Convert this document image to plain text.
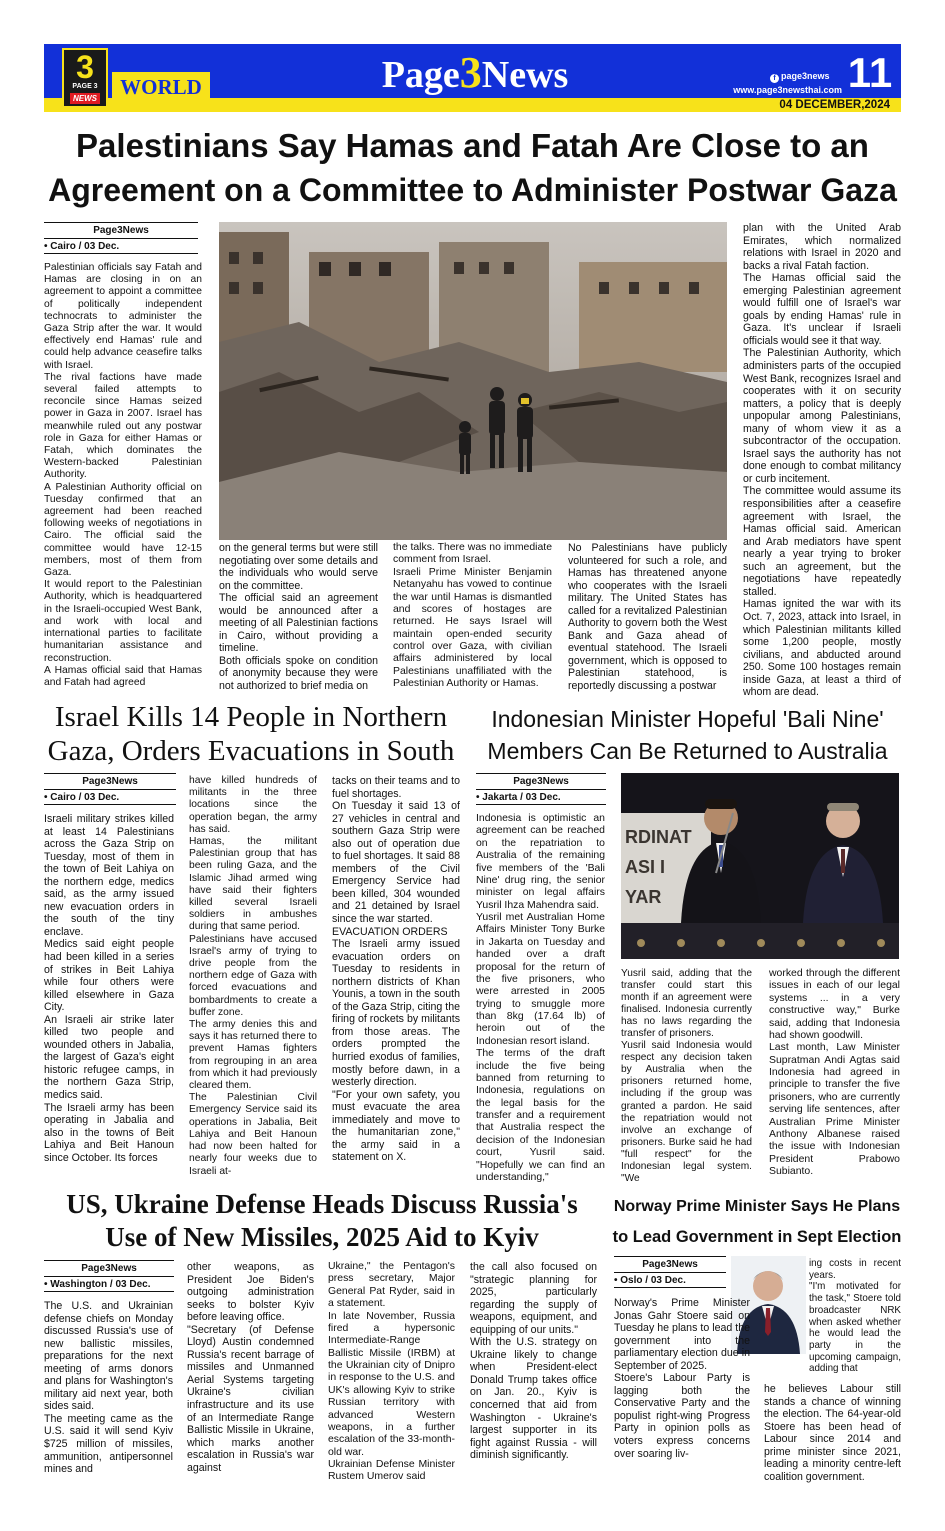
3
PAGE 3
NEWS WORLD	Page3News	f page3news
www.page3newsthai.com 11
04 DECEMBER,2024
Palestinians Say Hamas and Fatah Are Close to an
Agreement on a Committee to Administer Postwar Gaza
Page3News
• Cairo / 03 Dec.

Palestinian officials say Fatah and Hamas are closing in on an agreement to appoint a committee of politically independent technocrats to administer the Gaza Strip after the war. It would effectively end Hamas' rule and could help advance ceasefire talks with Israel.
The rival factions have made several failed attempts to reconcile since Hamas seized power in Gaza in 2007. Israel has meanwhile ruled out any postwar role in Gaza for either Hamas or Fatah, which dominates the Western-backed Palestinian Authority.
A Palestinian Authority official on Tuesday confirmed that an agreement had been reached following weeks of negotiations in Cairo. The official said the committee would have 12-15 members, most of them from Gaza.
It would report to the Palestinian Authority, which is headquartered in the Israeli-occupied West Bank, and work with local and international parties to facilitate humanitarian assistance and reconstruction.
A Hamas official said that Hamas and Fatah had agreed

on the general terms but were still negotiating over some details and the individuals who would serve on the committee.
The official said an agreement would be announced after a meeting of all Palestinian factions in Cairo, without providing a timeline.
Both officials spoke on condition of anonymity because they were not authorized to brief media on

the talks. There was no immediate comment from Israel.
Israeli Prime Minister Benjamin Netanyahu has vowed to continue the war until Hamas is dismantled and scores of hostages are returned. He says Israel will maintain open-ended security control over Gaza, with civilian affairs administered by local Palestinians unaffiliated with the Palestinian Authority or Hamas.

No Palestinians have publicly volunteered for such a role, and Hamas has threatened anyone who cooperates with the Israeli military. The United States has called for a revitalized Palestinian Authority to govern both the West Bank and Gaza ahead of eventual statehood. The Israeli government, which is opposed to Palestinian statehood, is reportedly discussing a postwar

plan with the United Arab Emirates, which normalized relations with Israel in 2020 and backs a rival Fatah faction.
The Hamas official said the emerging Palestinian agreement would fulfill one of Israel's war goals by ending Hamas' rule in Gaza. It's unclear if Israeli officials would see it that way.
The Palestinian Authority, which administers parts of the occupied West Bank, recognizes Israel and cooperates with it on security matters, a policy that is deeply unpopular among Palestinians, many of whom view it as a subcontractor of the occupation. Israel says the authority has not done enough to combat militancy or curb incitement.
The committee would assume its responsibilities after a ceasefire agreement with Israel, the Hamas official said. American and Arab mediators have spent nearly a year trying to broker such an agreement, but the negotiations have repeatedly stalled.
Hamas ignited the war with its Oct. 7, 2023, attack into Israel, in which Palestinian militants killed some 1,200 people, mostly civilians, and abducted around 250. Some 100 hostages remain inside Gaza, at least a third of whom are dead.

Israel Kills 14 People in Northern
Gaza, Orders Evacuations in South
Page3News
• Cairo / 03 Dec.

Israeli military strikes killed at least 14 Palestinians across the Gaza Strip on Tuesday, most of them in the town of Beit Lahiya on the northern edge, medics said, as the army issued new evacuation orders in the south of the tiny enclave.
Medics said eight people had been killed in a series of strikes in Beit Lahiya while four others were killed elsewhere in Gaza City.
An Israeli air strike later killed two people and wounded others in Jabalia, the largest of Gaza's eight historic refugee camps, in the northern Gaza Strip, medics said.
The Israeli army has been operating in Jabalia and also in the towns of Beit Lahiya and Beit Hanoun since October. Its forces

have killed hundreds of militants in the three locations since the operation began, the army has said.
Hamas, the militant Palestinian group that has been ruling Gaza, and the Islamic Jihad armed wing have said their fighters killed several Israeli soldiers in ambushes during that same period.
Palestinians have accused Israel's army of trying to drive people from the northern edge of Gaza with forced evacuations and bombardments to create a buffer zone.
The army denies this and says it has returned there to prevent Hamas fighters from regrouping in an area from which it had previously cleared them.
The Palestinian Civil Emergency Service said its operations in Jabalia, Beit Lahiya and Beit Hanoun had now been halted for nearly four weeks due to Israeli at-

tacks on their teams and to fuel shortages.
On Tuesday it said 13 of 27 vehicles in central and southern Gaza Strip were also out of operation due to fuel shortages. It said 88 members of the Civil Emergency Service had been killed, 304 wounded and 21 detained by Israel since the war started.
EVACUATION ORDERS
The Israeli army issued evacuation orders on Tuesday to residents in northern districts of Khan Younis, a town in the south of the Gaza Strip, citing the firing of rockets by militants from those areas. The orders prompted the hurried exodus of families, mostly before dawn, in a westerly direction.
"For your own safety, you must evacuate the area immediately and move to the humanitarian zone," the army said in a statement on X.

Indonesian Minister Hopeful 'Bali Nine'
Members Can Be Returned to Australia
Page3News
• Jakarta / 03 Dec.

Indonesia is optimistic an agreement can be reached on the repatriation to Australia of the remaining five members of the 'Bali Nine' drug ring, the senior minister on legal affairs Yusril Ihza Mahendra said.
Yusril met Australian Home Affairs Minister Tony Burke in Jakarta on Tuesday and handed over a draft proposal for the return of the five prisoners, who were arrested in 2005 trying to smuggle more than 8kg (17.64 lb) of heroin out of the Indonesian resort island.
The terms of the draft include the five being banned from returning to Indonesia, regulations on the legal basis for the transfer and a requirement that Australia respect the decision of the Indonesian court, Yusril said. "Hopefully we can find an understanding,"

RDINAT
ASI I
YAR

Yusril said, adding that the transfer could start this month if an agreement were finalised. Indonesia currently has no laws regarding the transfer of prisoners.
Yusril said Indonesia would respect any decision taken by Australia when the prisoners returned home, including if the group was granted a pardon. He said the repatriation would not involve an exchange of prisoners. Burke said he had "full respect" for the Indonesian legal system. "We

worked through the different issues in each of our legal systems ... in a very constructive way," Burke said, adding that Indonesia had shown goodwill.
Last month, Law Minister Supratman Andi Agtas said Indonesia had agreed in principle to transfer the five prisoners, who are currently serving life sentences, after Australian Prime Minister Anthony Albanese raised the issue with Indonesian President Prabowo Subianto.

US, Ukraine Defense Heads Discuss Russia's
Use of New Missiles, 2025 Aid to Kyiv
Page3News
• Washington / 03 Dec.

The U.S. and Ukrainian defense chiefs on Monday discussed Russia's use of new ballistic missiles, preparations for the next meeting of arms donors and plans for Washington's military aid next year, both sides said.
The meeting came as the U.S. said it will send Kyiv $725 million of missiles, ammunition, antipersonnel mines and

other weapons, as President Joe Biden's outgoing administration seeks to bolster Kyiv before leaving office.
"Secretary (of Defense Lloyd) Austin condemned Russia's recent barrage of missiles and Unmanned Aerial Systems targeting Ukraine's civilian infrastructure and its use of an Intermediate Range Ballistic Missile in Ukraine, which marks another escalation in Russia's war against

Ukraine," the Pentagon's press secretary, Major General Pat Ryder, said in a statement.
In late November, Russia fired a hypersonic Intermediate-Range Ballistic Missile (IRBM) at the Ukrainian city of Dnipro in response to the U.S. and UK's allowing Kyiv to strike Russian territory with advanced Western weapons, in a further escalation of the 33-month-old war.
Ukrainian Defense Minister Rustem Umerov said

the call also focused on "strategic planning for 2025, particularly regarding the supply of weapons, equipment, and equipping of our units."
With the U.S. strategy on Ukraine likely to change when President-elect Donald Trump takes office on Jan. 20., Kyiv is concerned that aid from Washington - Ukraine's largest supporter in its fight against Russia - will diminish significantly.

Norway Prime Minister Says He Plans
to Lead Government in Sept Election
Page3News
• Oslo / 03 Dec.

Norway's Prime Minister Jonas Gahr Stoere said on Tuesday he plans to lead the government into the parliamentary election due in September of 2025.
Stoere's Labour Party is lagging both the Conservative Party and the populist right-wing Progress Party in opinion polls as voters express concerns over soaring liv-

ing costs in recent years.
"I'm motivated for the task," Stoere told broadcaster NRK when asked whether he would lead the party in the upcoming campaign, adding that

he believes Labour still stands a chance of winning the election. The 64-year-old Stoere has been head of Labour since 2014 and prime minister since 2021, leading a minority centre-left coalition government.
